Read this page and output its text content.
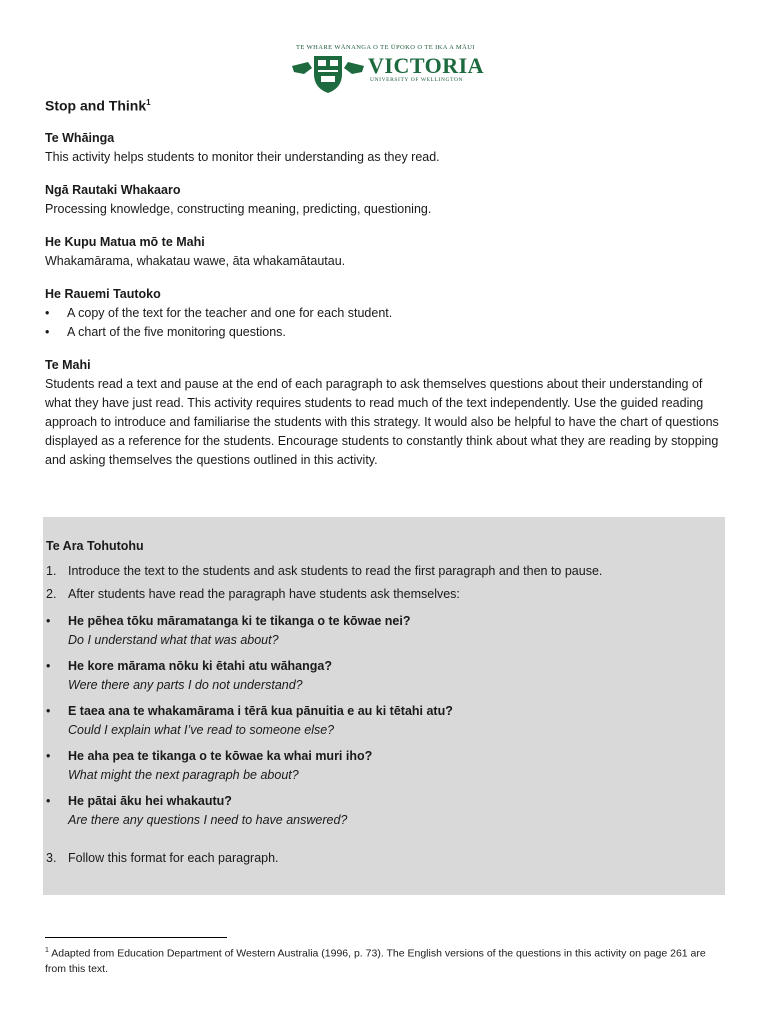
TE WHARE WĀNANGA O TE ŪPOKO O TE IKA A MĀUI
VICTORIA
UNIVERSITY OF WELLINGTON
Stop and Think$^1$
Te Whāinga
This activity helps students to monitor their understanding as they read.
Ngā Rautaki Whakaaro
Processing knowledge, constructing meaning, predicting, questioning.
He Kupu Matua mō te Mahi
Whakamārama, whakatau wawe, āta whakamātautau.
He Rauemi Tautoko
• A copy of the text for the teacher and one for each student.
• A chart of the five monitoring questions.
Te Mahi
Students read a text and pause at the end of each paragraph to ask themselves questions about their understanding of what they have just read. This activity requires students to read much of the text independently. Use the guided reading approach to introduce and familiarise the students with this strategy. It would also be helpful to have the chart of questions displayed as a reference for the students. Encourage students to constantly think about what they are reading by stopping and asking themselves the questions outlined in this activity.
Te Ara Tohutohu
1. Introduce the text to the students and ask students to read the first paragraph and then to pause.
2. After students have read the paragraph have students ask themselves:
• He pēhea tōku māramatanga ki te tikanga o te kōwae nei?
Do I understand what that was about?
• He kore mārama nōku ki ētahi atu wāhanga?
Were there any parts I do not understand?
• E taea ana te whakamārama i tērā kua pānuitia e au ki tētahi atu?
Could I explain what I’ve read to someone else?
• He aha pea te tikanga o te kōwae ka whai muri iho?
What might the next paragraph be about?
• He pātai āku hei whakautu?
Are there any questions I need to have answered?
3. Follow this format for each paragraph.
$^1$ Adapted from Education Department of Western Australia (1996, p. 73). The English versions of the questions in this activity on page 261 are from this text.
